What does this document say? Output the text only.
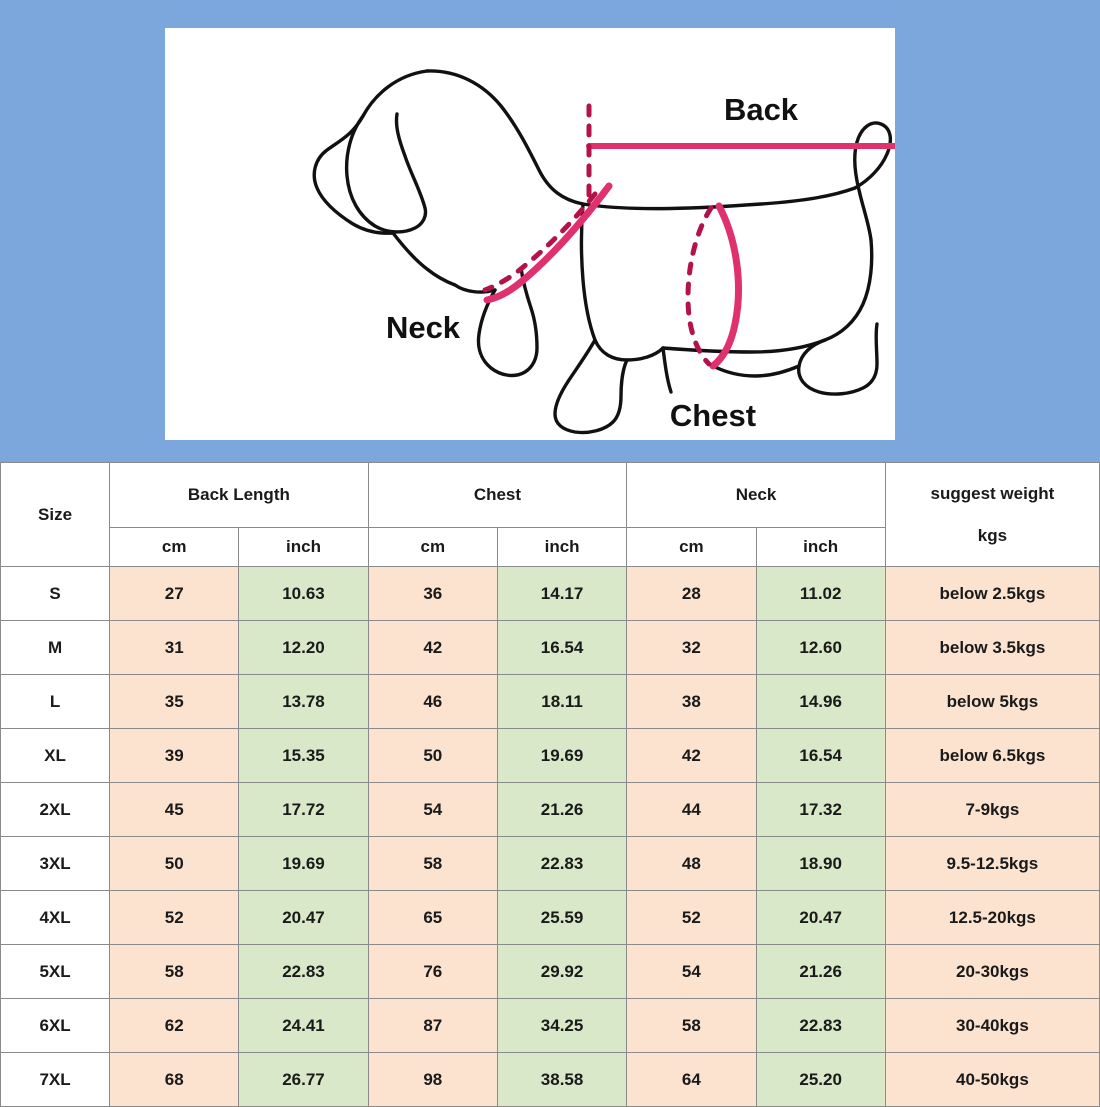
Back
Neck
Chest
Size	Back Length		Chest		Neck		suggest weight
kgs

	cm	inch	cm	inch	cm	inch	
S	27	10.63	36	14.17	28	11.02	below 2.5kgs
M	31	12.20	42	16.54	32	12.60	below 3.5kgs
L	35	13.78	46	18.11	38	14.96	below 5kgs
XL	39	15.35	50	19.69	42	16.54	below 6.5kgs
2XL	45	17.72	54	21.26	44	17.32	7-9kgs
3XL	50	19.69	58	22.83	48	18.90	9.5-12.5kgs
4XL	52	20.47	65	25.59	52	20.47	12.5-20kgs
5XL	58	22.83	76	29.92	54	21.26	20-30kgs
6XL	62	24.41	87	34.25	58	22.83	30-40kgs
7XL	68	26.77	98	38.58	64	25.20	40-50kgs
